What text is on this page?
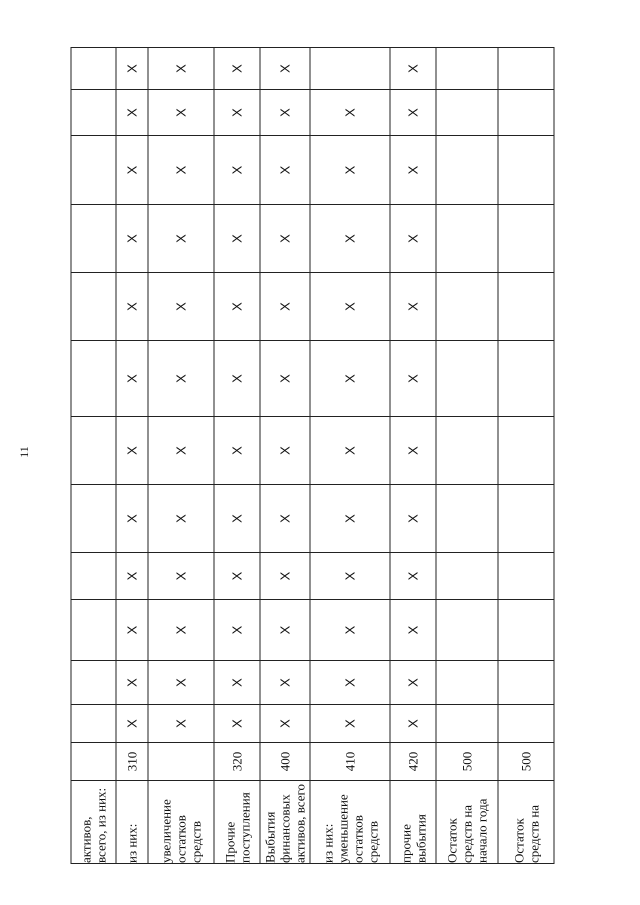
11
активов, всего, из них:													
из них:	310	X	X	X	X	X	X	X	X	X	X	X	X
увеличение остатков средств		X	X	X	X	X	X	X	X	X	X	X	X
Прочие поступления	320	X	X	X	X	X	X	X	X	X	X	X	X
Выбытия финансовых активов, всего	400	X	X	X	X	X	X	X	X	X	X	X	X
из них: уменьшение остатков средств	410	X	X	X	X	X	X	X	X	X	X	X	
прочие выбытия	420	X	X	X	X	X	X	X	X	X	X	X	X
Остаток средств на начало года	500												
Остаток средств на	500												
